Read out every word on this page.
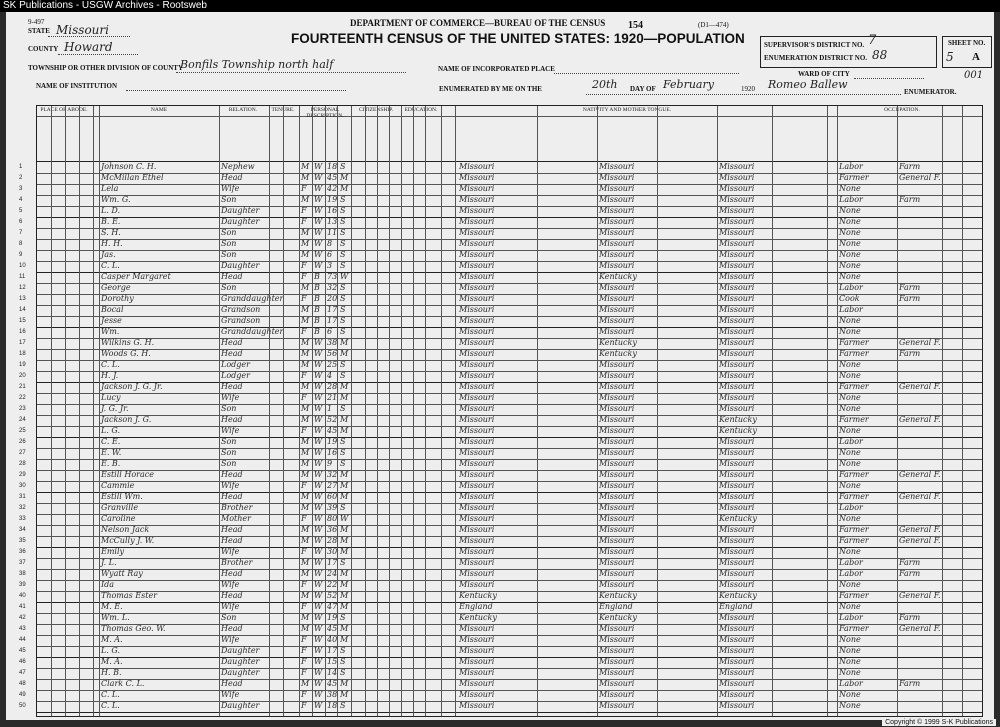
SK Publications - USGW Archives - Rootsweb
9-497	DEPARTMENT OF COMMERCE—BUREAU OF THE CENSUS 154	(D1—474)
FOURTEENTH CENSUS OF THE UNITED STATES: 1920—POPULATION
STATE Missouri
COUNTY Howard
TOWNSHIP OR OTHER DIVISION OF COUNTY
Bonfils Township north half
NAME OF INSTITUTION
NAME OF INCORPORATED PLACE
ENUMERATED BY ME ON THE	20th DAY OF February	1920 Romeo Ballew
ENUMERATOR.
SUPERVISOR'S DISTRICT NO. 7
ENUMERATION DISTRICT NO. 88
WARD OF CITY
SHEET NO.
5 A
001
PLACE OF ABODE.	NAME	RELATION.	TENURE.	PERSONAL DESCRIPTION.
CITIZENSHIP.	EDUCATION.	NATIVITY AND MOTHER TONGUE.	OCCUPATION.
1	Johnson C. H.	Nephew	M W 18 S	Missouri	Missouri	Missouri	Labor	Farm
2	McMillan Ethel	Head	M W 45 M	Missouri	Missouri	Missouri	Farmer	General F.
3	Lela	Wife	F W 42 M	Missouri	Missouri	Missouri	None
4	Wm. G.	Son	M W 19 S	Missouri	Missouri	Missouri	Labor	Farm
5	L. D.	Daughter	F W 16 S	Missouri	Missouri	Missouri	None
6	B. E.	Daughter	F W 13 S	Missouri	Missouri	Missouri	None
7	S. H.	Son	M W 11 S	Missouri	Missouri	Missouri	None
8	H. H.	Son	M W 8 S	Missouri	Missouri	Missouri	None
9	Jas.	Son	M W 6 S	Missouri	Missouri	Missouri	None
10	C. L.	Daughter	F W 3 S	Missouri	Missouri	Missouri	None
11	Casper Margaret	Head	F B 73 W	Missouri	Kentucky	Missouri	None
12	George	Son	M B 32 S	Missouri	Missouri	Missouri	Labor	Farm
13	Dorothy	Granddaughter F B 20 S	Missouri	Missouri	Missouri	Cook	Farm
14	Bocal	Grandson	M B 17 S	Missouri	Missouri	Missouri	Labor
15	Jesse	Grandson	M B 17 S	Missouri	Missouri	Missouri	None
16	Wm.	Granddaughter F B 6 S	Missouri	Missouri	Missouri	None
17	Wilkins G. H.	Head	M W 38 M	Missouri	Kentucky	Missouri	Farmer	General F.
18	Woods G. H.	Head	M W 56 M	Missouri	Kentucky	Missouri	Farmer	Farm
19	C. L.	Lodger	M W 25 S	Missouri	Missouri	Missouri	None
20	H. J.	Lodger	F W 4 S	Missouri	Missouri	Missouri	None
21	Jackson J. G. Jr.	Head	M W 28 M	Missouri	Missouri	Missouri	Farmer	General F.
22	Lucy	Wife	F W 21 M	Missouri	Missouri	Missouri	None
23	J. G. Jr.	Son	M W 1 S	Missouri	Missouri	Missouri	None
24	Jackson J. G.	Head	M W 52 M	Missouri	Missouri	Kentucky	Farmer	General F.
25	L. G.	Wife	F W 45 M	Missouri	Missouri	Kentucky	None
26	C. E.	Son	M W 19 S	Missouri	Missouri	Missouri	Labor
27	E. W.	Son	M W 16 S	Missouri	Missouri	Missouri	None
28	E. B.	Son	M W 9 S	Missouri	Missouri	Missouri	None
29	Estill Horace	Head	M W 32 M	Missouri	Missouri	Missouri	Farmer	General F.
30	Cammie	Wife	F W 27 M	Missouri	Missouri	Missouri	None
31	Estill Wm.	Head	M W 60 M	Missouri	Missouri	Missouri	Farmer	General F.
32	Granville	Brother	M W 39 S	Missouri	Missouri	Missouri	Labor
33	Caroline	Mother	F W 80 W	Missouri	Missouri	Kentucky	None
34	Nelson Jack	Head	M W 36 M	Missouri	Missouri	Missouri	Farmer	General F.
35	McCully J. W.	Head	M W 28 M	Missouri	Missouri	Missouri	Farmer	General F.
36	Emily	Wife	F W 30 M	Missouri	Missouri	Missouri	None
37	J. L.	Brother	M W 17 S	Missouri	Missouri	Missouri	Labor	Farm
38	Wyatt Ray	Head	M W 24 M	Missouri	Missouri	Missouri	Labor	Farm
39	Ida	Wife	F W 22 M	Missouri	Missouri	Missouri	None
40	Thomas Ester	Head	M W 52 M	Kentucky	Kentucky	Kentucky	Farmer	General F.
41	M. E.	Wife	F W 47 M	England	England	England	None
42	Wm. L.	Son	M W 19 S	Kentucky	Kentucky	Missouri	Labor	Farm
43	Thomas Geo. W.	Head	M W 45 M	Missouri	Missouri	Missouri	Farmer	General F.
44	M. A.	Wife	F W 40 M	Missouri	Missouri	Missouri	None
45	L. G.	Daughter	F W 17 S	Missouri	Missouri	Missouri	None
46	M. A.	Daughter	F W 15 S	Missouri	Missouri	Missouri	None
47	H. B.	Daughter	F W 14 S	Missouri	Missouri	Missouri	None
48	Clark C. L.	Head	M W 45 M	Missouri	Missouri	Missouri	Labor	Farm
49	C. L.	Wife	F W 38 M	Missouri	Missouri	Missouri	None
50	C. L.	Daughter	F W 18 S	Missouri	Missouri	Missouri	None
-
Copyright © 1999 S-K Publications
